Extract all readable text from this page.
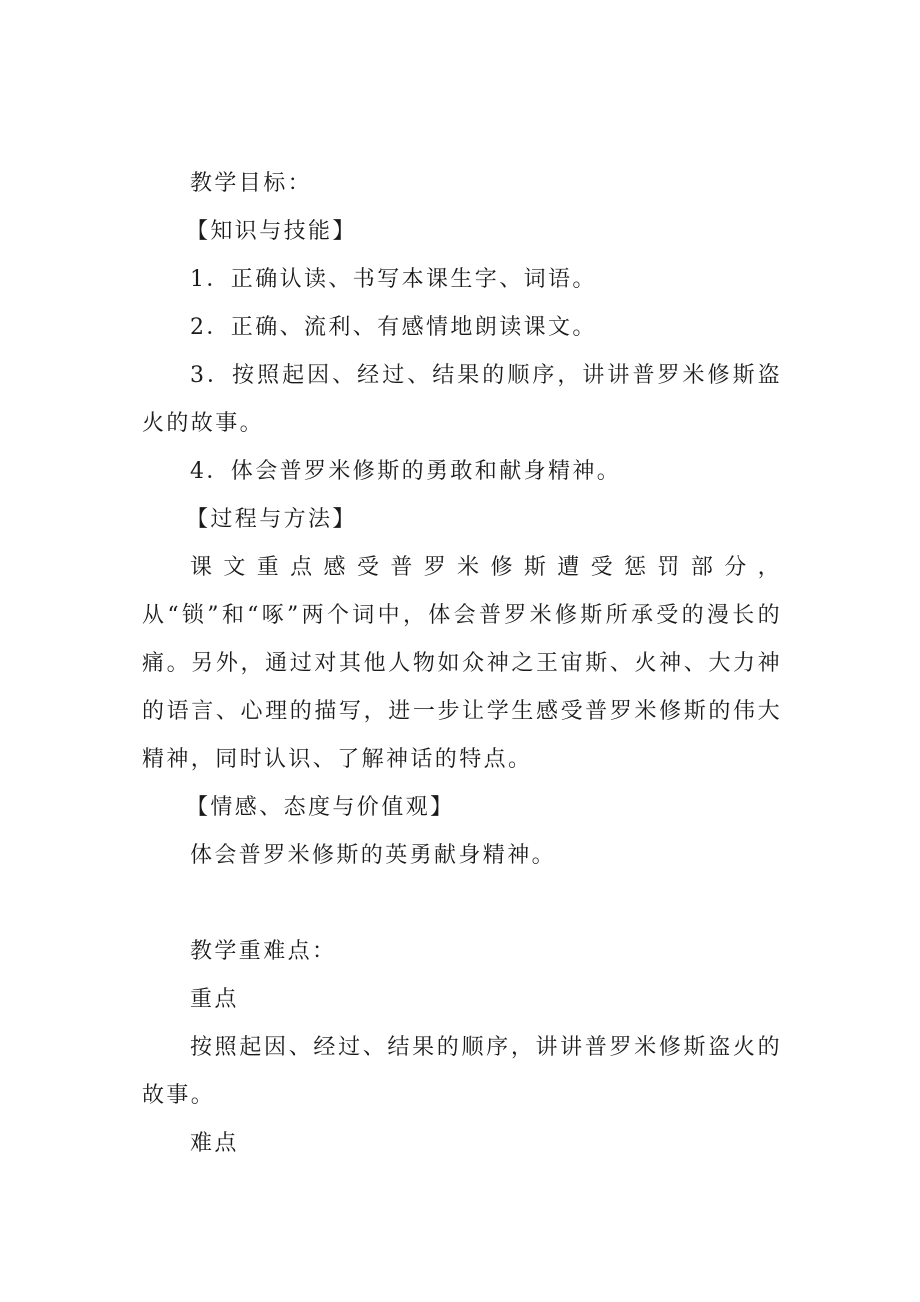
教学目标：

【知识与技能】

1．正确认读、书写本课生字、词语。

2．正确、流利、有感情地朗读课文。

3．按照起因、经过、结果的顺序，讲讲普罗米修斯盗火的故事。

4．体会普罗米修斯的勇敢和献身精神。

【过程与方法】

课文重点感受普罗米修斯遭受惩罚部分，从“锁”和“啄”两个词中，体会普罗米修斯所承受的漫长的痛。另外，通过对其他人物如众神之王宙斯、火神、大力神的语言、心理的描写，进一步让学生感受普罗米修斯的伟大精神，同时认识、了解神话的特点。

【情感、态度与价值观】

体会普罗米修斯的英勇献身精神。

教学重难点：

重点

按照起因、经过、结果的顺序，讲讲普罗米修斯盗火的故事。

难点
